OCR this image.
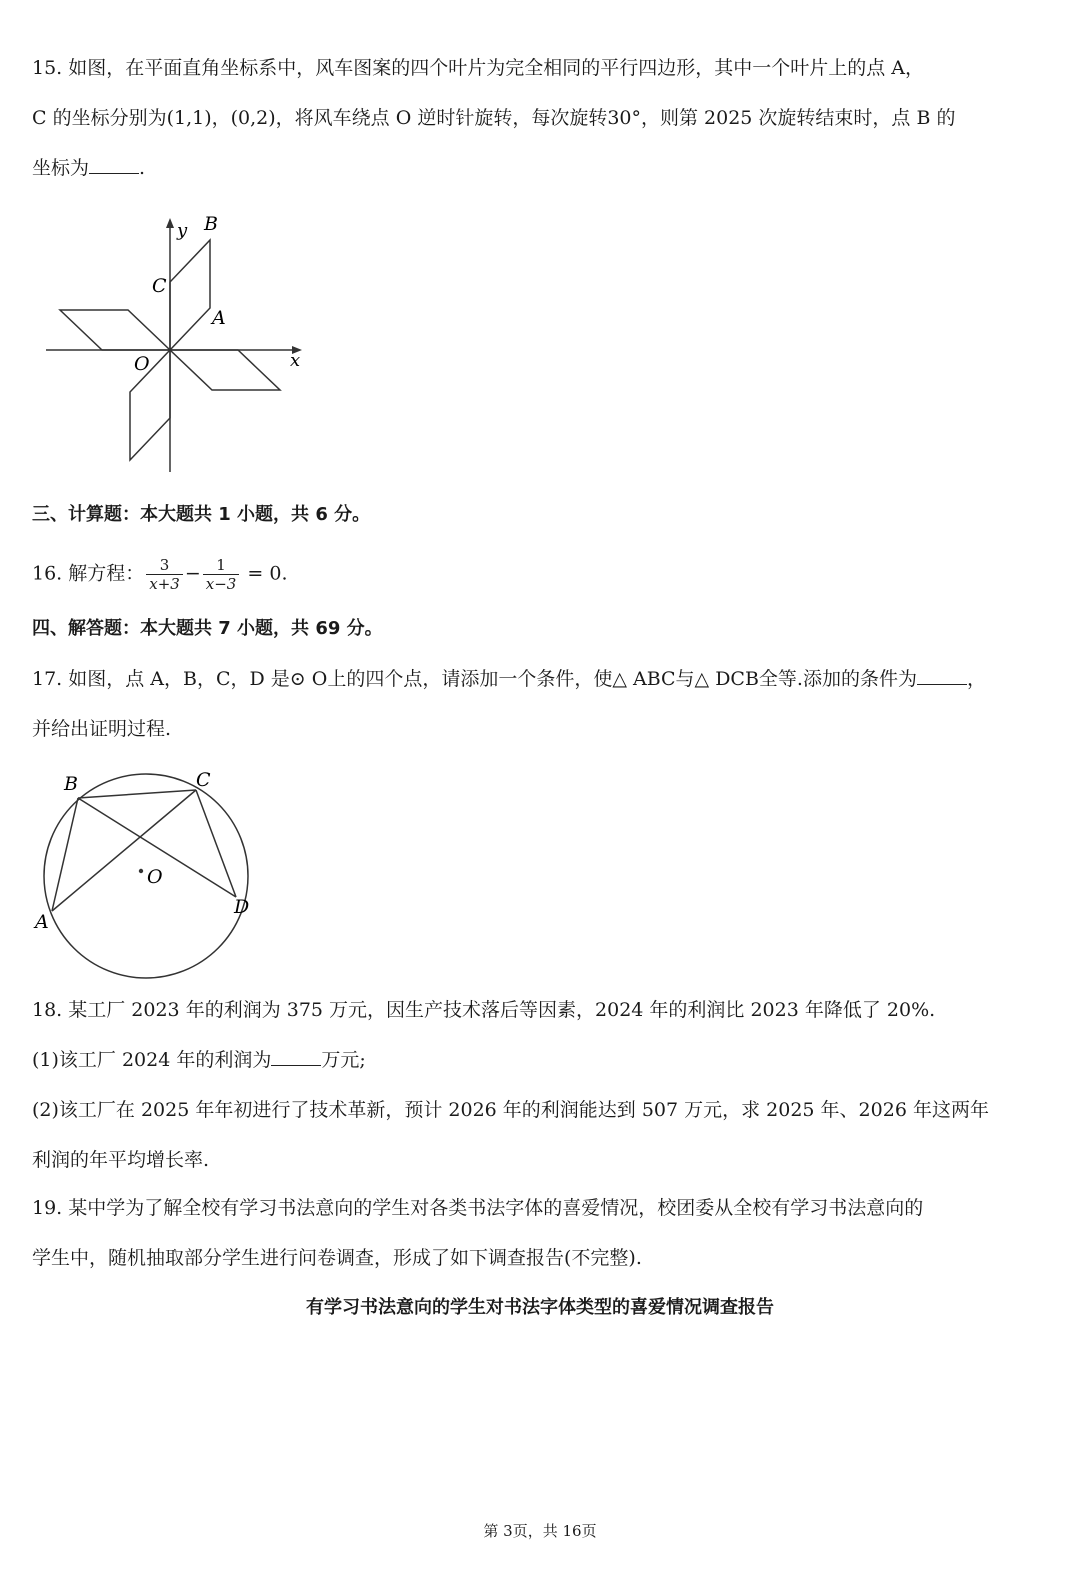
15. 如图，在平面直角坐标系中，风车图案的四个叶片为完全相同的平行四边形，其中一个叶片上的点 A，
C 的坐标分别为(1,1)，(0,2)，将风车绕点 O 逆时针旋转，每次旋转30°，则第 2025 次旋转结束时，点 B 的
坐标为	.
y B
C
A
O	x
三、计算题：本大题共 1 小题，共 6 分。
16. 解方程： $\frac{3}{x+3} - \frac{1}{x-3} = 0$.
四、解答题：本大题共 7 小题，共 69 分。
17. 如图，点 A，B，C，D 是⊙ O上的四个点，请添加一个条件，使△ ABC与△ DCB全等.添加的条件为	，
并给出证明过程.
B	C
O
A
D
18. 某工厂 2023 年的利润为 375 万元，因生产技术落后等因素，2024 年的利润比 2023 年降低了 20%.
(1)该工厂 2024 年的利润为	万元;
(2)该工厂在 2025 年年初进行了技术革新，预计 2026 年的利润能达到 507 万元，求 2025 年、2026 年这两年
利润的年平均增长率.
19. 某中学为了解全校有学习书法意向的学生对各类书法字体的喜爱情况，校团委从全校有学习书法意向的
学生中，随机抽取部分学生进行问卷调查，形成了如下调查报告(不完整).
有学习书法意向的学生对书法字体类型的喜爱情况调查报告
第 3页，共 16页
